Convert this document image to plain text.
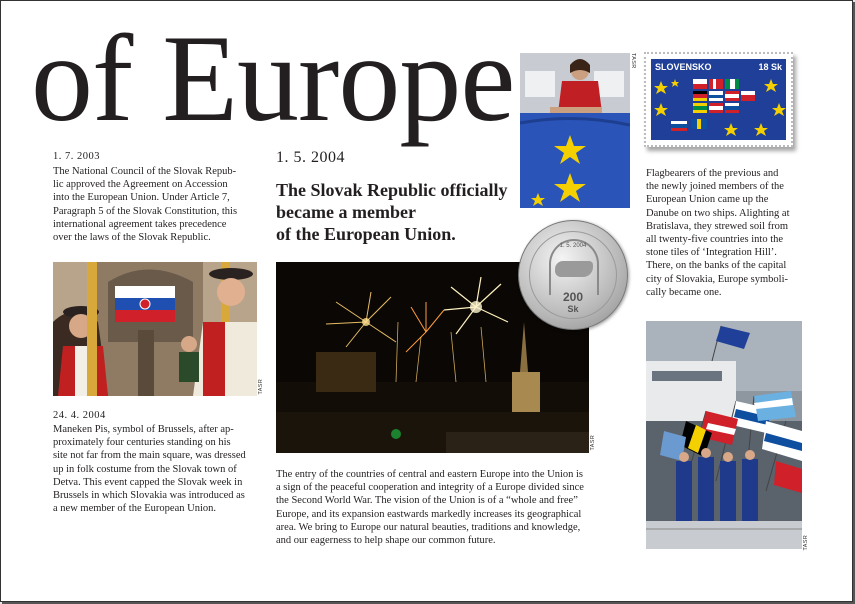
of Europe
1. 7. 2003
The National Council of the Slovak Repub-
lic approved the Agreement on Accession
into the European Union. Under Article 7,
Paragraph 5 of the Slovak Constitution, this
international agreement takes precedence
over the laws of the Slovak Republic.
TASR
24. 4. 2004
Maneken Pis, symbol of Brussels, after ap-
proximately four centuries standing on his
site not far from the main square, was dressed
up in folk costume from the Slovak town of
Detva. This event capped the Slovak week in
Brussels in which Slovakia was introduced as
a new member of the European Union.
1. 5. 2004
The Slovak Republic officially
became a member
of the European Union.
TASR
1. 5. 2004
200
Sk
The entry of the countries of central and eastern Europe into the Union is
a sign of the peaceful cooperation and integrity of a Europe divided since
the Second World War. The vision of the Union is of a “whole and free”
Europe, and its expansion eastwards markedly increases its geographical
area. We bring to Europe our natural beauties, traditions and knowledge,
and our eagerness to help shape our common future.
TASR SLOVENSKO	18 Sk
Flagbearers of the previous and
the newly joined members of the
European Union came up the
Danube on two ships. Alighting at
Bratislava, they strewed soil from
all twenty-five countries into the
stone tiles of ‘Integration Hill’.
There, on the banks of the capital
city of Slovakia, Europe symboli-
cally became one.
TASR
